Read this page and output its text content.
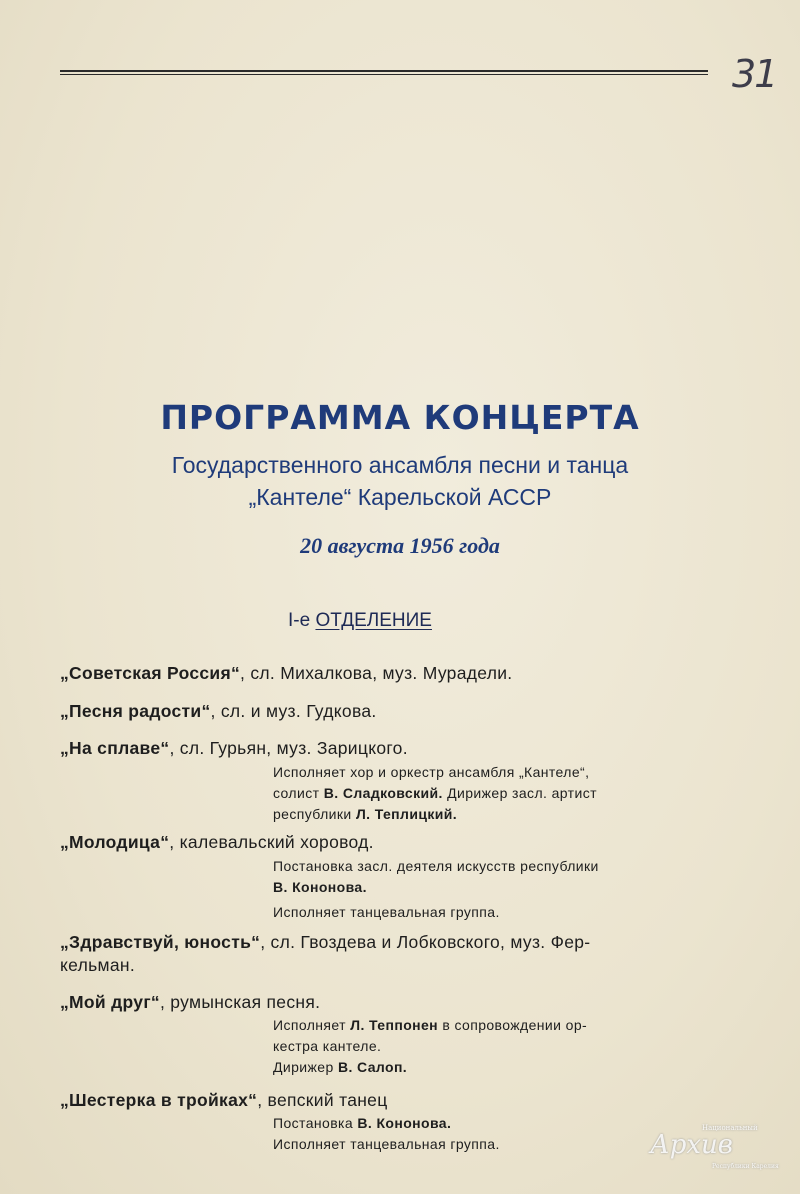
31
ПРОГРАММА КОНЦЕРТА
Государственного ансамбля песни и танца
„Кантеле“ Карельской АССР
20 августа 1956 года
I-е ОТДЕЛЕНИЕ
„Советская Россия“, сл. Михалкова, муз. Мурадели.
„Песня радости“, сл. и муз. Гудкова.
„На сплаве“, сл. Гурьян, муз. Зарицкого.
Исполняет хор и оркестр ансамбля „Кантеле“,
солист В. Сладковский. Дирижер засл. артист
республики Л. Теплицкий.
„Молодица“, калевальский хоровод.
Постановка засл. деятеля искусств республики
В. Кононова.
Исполняет танцевальная группа.
„Здравствуй, юность“, сл. Гвоздева и Лобковского, муз. Фер-
кельман.
„Мой друг“, румынская песня.
Исполняет Л. Теппонен в сопровождении ор-
кестра кантеле.
Дирижер В. Салоп.
„Шестерка в тройках“, вепский танец
Постановка В. Кононова.
Исполняет танцевальная группа.
Национальный
Архив
Республики Карелия
